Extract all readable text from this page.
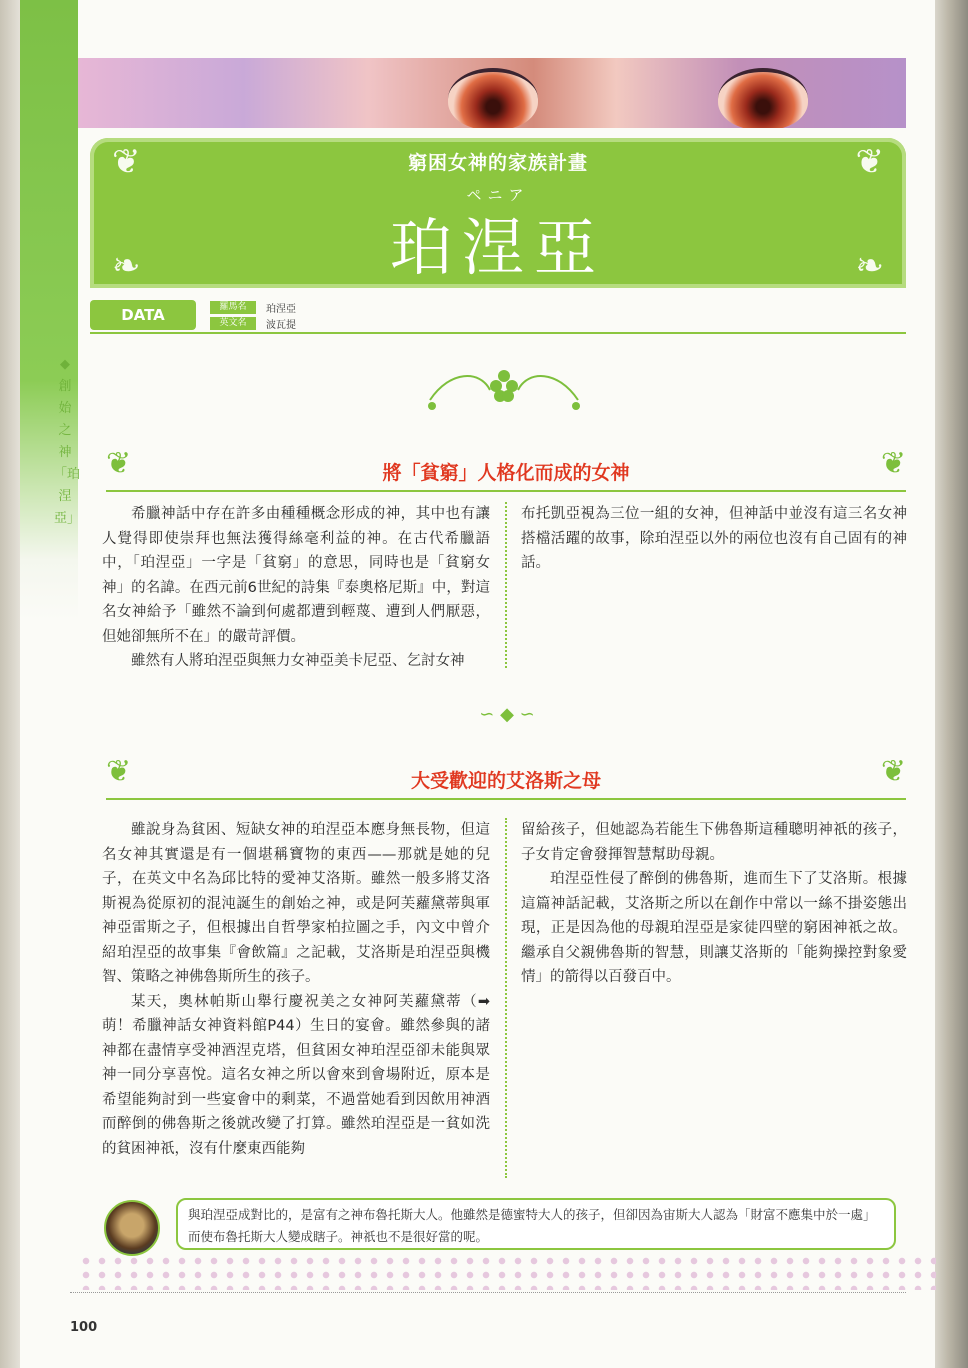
❦	❦
❧	❧
窮困女神的家族計畫
ペニア
珀涅亞
DATA	羅馬名	珀涅亞
英文名	波瓦提
◆創始之神「珀涅亞」
❦	❦
將「貧窮」人格化而成的女神

希臘神話中存在許多由種種概念形成的神，其中也有讓人覺得即使崇拜也無法獲得絲毫利益的神。在古代希臘語中，「珀涅亞」一字是「貧窮」的意思，同時也是「貧窮女神」的名諱。在西元前6世紀的詩集『泰奧格尼斯』中，對這名女神給予「雖然不論到何處都遭到輕蔑、遭到人們厭惡，但她卻無所不在」的嚴苛評價。

雖然有人將珀涅亞與無力女神亞美卡尼亞、乞討女神

布托凱亞視為三位一組的女神，但神話中並沒有這三名女神搭檔活躍的故事，除珀涅亞以外的兩位也沒有自己固有的神話。

∽ ◆ ∽
❦	❦
大受歡迎的艾洛斯之母

雖說身為貧困、短缺女神的珀涅亞本應身無長物，但這名女神其實還是有一個堪稱寶物的東西——那就是她的兒子，在英文中名為邱比特的愛神艾洛斯。雖然一般多將艾洛斯視為從原初的混沌誕生的創始之神，或是阿芙蘿黛蒂與軍神亞雷斯之子，但根據出自哲學家柏拉圖之手，內文中曾介紹珀涅亞的故事集『會飲篇』之記載，艾洛斯是珀涅亞與機智、策略之神佛魯斯所生的孩子。

某天，奧林帕斯山舉行慶祝美之女神阿芙蘿黛蒂（➡萌！希臘神話女神資料館P44）生日的宴會。雖然參與的諸神都在盡情享受神酒涅克塔，但貧困女神珀涅亞卻未能與眾神一同分享喜悅。這名女神之所以會來到會場附近，原本是希望能夠討到一些宴會中的剩菜，不過當她看到因飲用神酒而醉倒的佛魯斯之後就改變了打算。雖然珀涅亞是一貧如洗的貧困神祇，沒有什麼東西能夠

留給孩子，但她認為若能生下佛魯斯這種聰明神祇的孩子，子女肯定會發揮智慧幫助母親。

珀涅亞性侵了醉倒的佛魯斯，進而生下了艾洛斯。根據這篇神話記載，艾洛斯之所以在創作中常以一絲不掛姿態出現，正是因為他的母親珀涅亞是家徒四壁的窮困神祇之故。繼承自父親佛魯斯的智慧，則讓艾洛斯的「能夠操控對象愛情」的箭得以百發百中。

與珀涅亞成對比的，是富有之神布魯托斯大人。他雖然是德蜜特大人的孩子，但卻因為宙斯大人認為「財富不應集中於一處」而使布魯托斯大人變成瞎子。神祇也不是很好當的呢。
100
